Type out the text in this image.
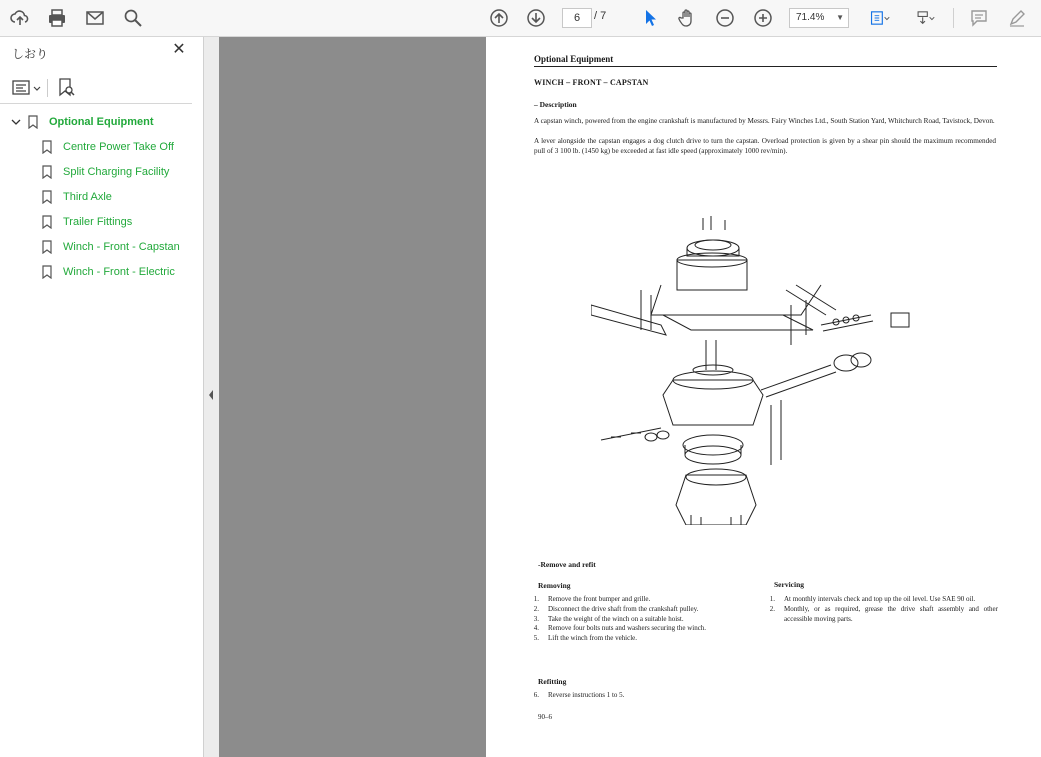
6	/ 7	71.4% ▼
しおり	✕
Optional Equipment
Centre Power Take Off
Split Charging Facility
Third Axle
Trailer Fittings
Winch - Front - Capstan
Winch - Front - Electric
Optional Equipment
WINCH – FRONT – CAPSTAN
– Description
A capstan winch, powered from the engine crankshaft is manufactured by Messrs. Fairy Winches Ltd., South Station Yard, Whitchurch Road, Tavistock, Devon.
A lever alongside the capstan engages a dog clutch drive to turn the capstan. Overload protection is given by a shear pin should the maximum recommended pull of 3 100 lb. (1450 kg) be exceeded at fast idle speed (approximately 1000 rev/min).
-Remove and refit
Removing
1.	Remove the front bumper and grille.
2.	Disconnect the drive shaft from the crankshaft pulley.
3.	Take the weight of the winch on a suitable hoist.
4.	Remove four bolts nuts and washers securing the winch.
5.	Lift the winch from the vehicle.
Refitting
6.	Reverse instructions 1 to 5.
Servicing
1.	At monthly intervals check and top up the oil level. Use SAE 90 oil.
2.	Monthly, or as required, grease the drive shaft assembly and other accessible moving parts.
90–6
